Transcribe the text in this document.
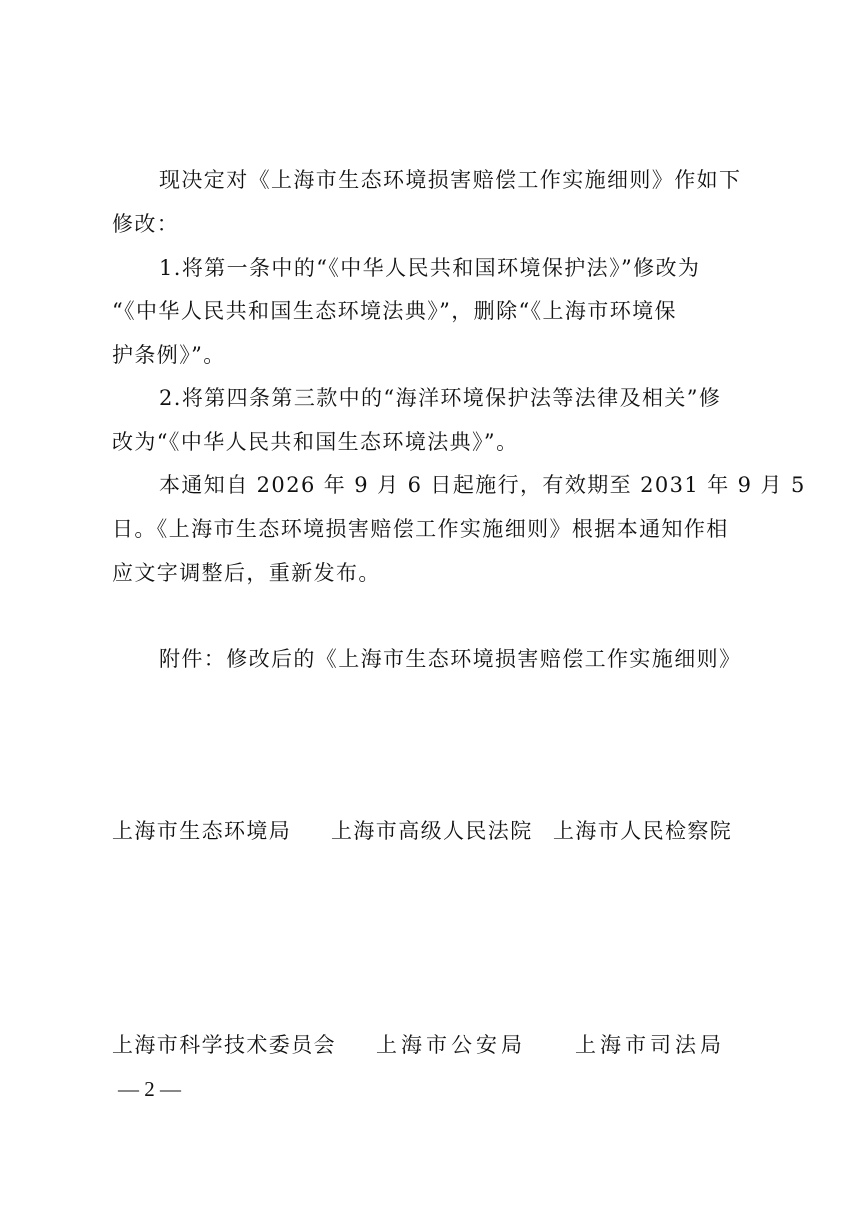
现决定对《上海市生态环境损害赔偿工作实施细则》作如下
修改：
1.将第一条中的“《中华人民共和国环境保护法》”修改为
“《中华人民共和国生态环境法典》”，删除“《上海市环境保
护条例》”。
2.将第四条第三款中的“海洋环境保护法等法律及相关”修
改为“《中华人民共和国生态环境法典》”。
本通知自 2026 年 9 月 6 日起施行，有效期至 2031 年 9 月 5
日。《上海市生态环境损害赔偿工作实施细则》根据本通知作相
应文字调整后，重新发布。
附件：修改后的《上海市生态环境损害赔偿工作实施细则》
上海市生态环境局 上海市高级人民法院 上海市人民检察院
上海市科学技术委员会 上海市公安局 上海市司法局
— 2 —
